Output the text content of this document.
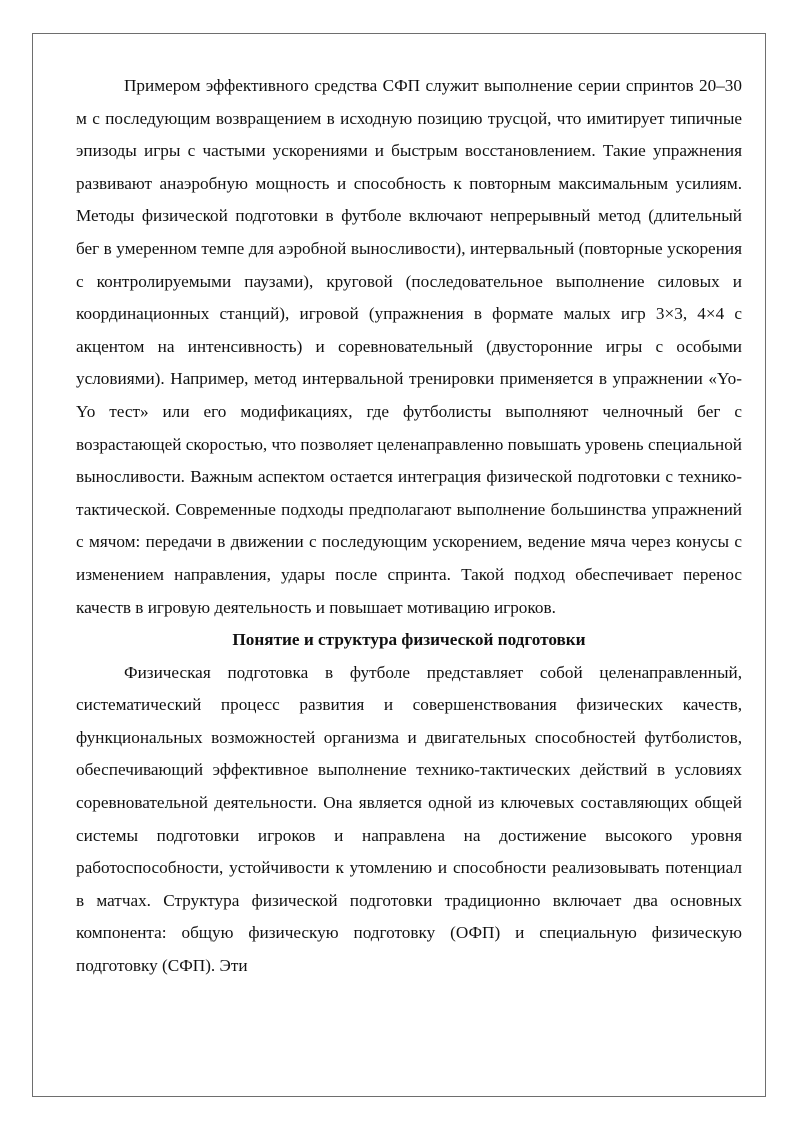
Примером эффективного средства СФП служит выполнение серии спринтов 20–30 м с последующим возвращением в исходную позицию трусцой, что имитирует типичные эпизоды игры с частыми ускорениями и быстрым восстановлением. Такие упражнения развивают анаэробную мощность и способность к повторным максимальным усилиям. Методы физической подготовки в футболе включают непрерывный метод (длительный бег в умеренном темпе для аэробной выносливости), интервальный (повторные ускорения с контролируемыми паузами), круговой (последовательное выполнение силовых и координационных станций), игровой (упражнения в формате малых игр 3×3, 4×4 с акцентом на интенсивность) и соревновательный (двусторонние игры с особыми условиями). Например, метод интервальной тренировки применяется в упражнении «Yo-Yo тест» или его модификациях, где футболисты выполняют челночный бег с возрастающей скоростью, что позволяет целенаправленно повышать уровень специальной выносливости. Важным аспектом остается интеграция физической подготовки с технико-тактической. Современные подходы предполагают выполнение большинства упражнений с мячом: передачи в движении с последующим ускорением, ведение мяча через конусы с изменением направления, удары после спринта. Такой подход обеспечивает перенос качеств в игровую деятельность и повышает мотивацию игроков.

Понятие и структура физической подготовки

Физическая подготовка в футболе представляет собой целенаправленный, систематический процесс развития и совершенствования физических качеств, функциональных возможностей организма и двигательных способностей футболистов, обеспечивающий эффективное выполнение технико-тактических действий в условиях соревновательной деятельности. Она является одной из ключевых составляющих общей системы подготовки игроков и направлена на достижение высокого уровня работоспособности, устойчивости к утомлению и способности реализовывать потенциал в матчах. Структура физической подготовки традиционно включает два основных компонента: общую физическую подготовку (ОФП) и специальную физическую подготовку (СФП). Эти
